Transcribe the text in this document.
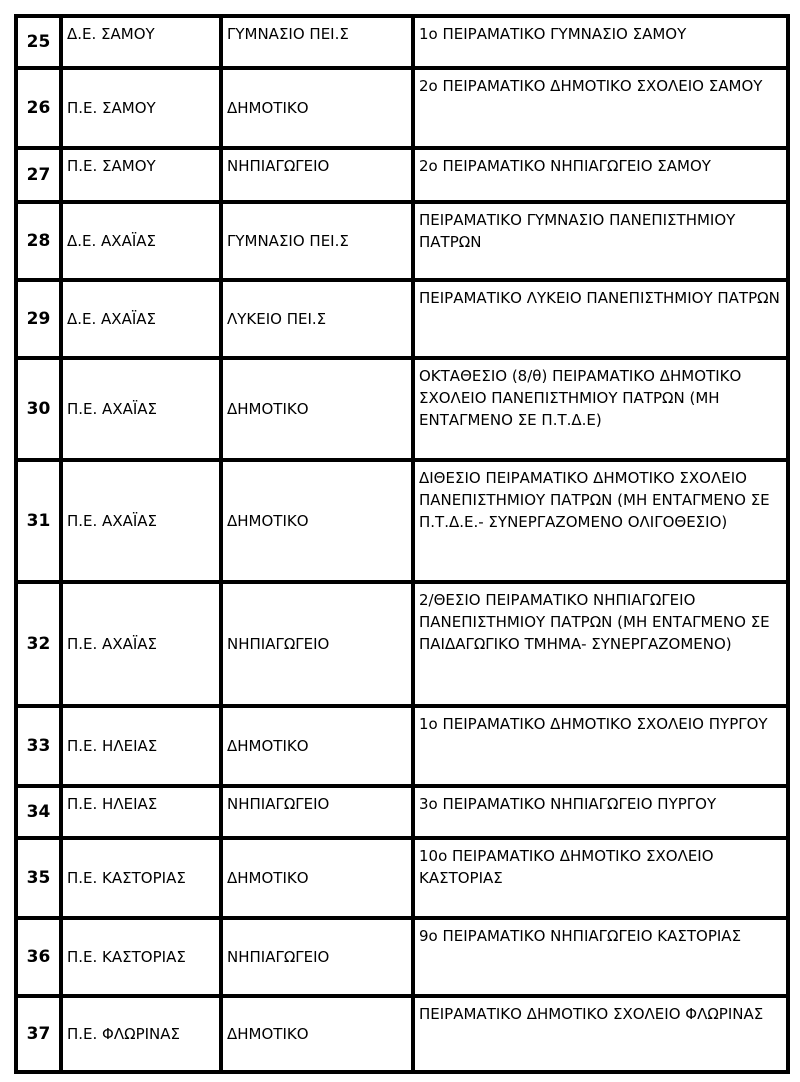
25	Δ.Ε. ΣΑΜΟΥ	ΓΥΜΝΑΣΙΟ ΠΕΙ.Σ	1ο ΠΕΙΡΑΜΑΤΙΚΟ ΓΥΜΝΑΣΙΟ ΣΑΜΟΥ
26	Π.Ε. ΣΑΜΟΥ	ΔΗΜΟΤΙΚΟ	2ο ΠΕΙΡΑΜΑΤΙΚΟ ΔΗΜΟΤΙΚΟ ΣΧΟΛΕΙΟ ΣΑΜΟΥ
27	Π.Ε. ΣΑΜΟΥ	ΝΗΠΙΑΓΩΓΕΙΟ	2ο ΠΕΙΡΑΜΑΤΙΚΟ ΝΗΠΙΑΓΩΓΕΙΟ ΣΑΜΟΥ
28	Δ.Ε. ΑΧΑΪΑΣ	ΓΥΜΝΑΣΙΟ ΠΕΙ.Σ	ΠΕΙΡΑΜΑΤΙΚΟ ΓΥΜΝΑΣΙΟ ΠΑΝΕΠΙΣΤΗΜΙΟΥ ΠΑΤΡΩΝ
29	Δ.Ε. ΑΧΑΪΑΣ	ΛΥΚΕΙΟ ΠΕΙ.Σ	ΠΕΙΡΑΜΑΤΙΚΟ ΛΥΚΕΙΟ ΠΑΝΕΠΙΣΤΗΜΙΟΥ ΠΑΤΡΩΝ
30	Π.Ε. ΑΧΑΪΑΣ	ΔΗΜΟΤΙΚΟ	ΟΚΤΑΘΕΣΙΟ (8/θ) ΠΕΙΡΑΜΑΤΙΚΟ ΔΗΜΟΤΙΚΟ ΣΧΟΛΕΙΟ ΠΑΝΕΠΙΣΤΗΜΙΟΥ ΠΑΤΡΩΝ (ΜΗ ΕΝΤΑΓΜΕΝΟ ΣΕ Π.Τ.Δ.Ε)
31	Π.Ε. ΑΧΑΪΑΣ	ΔΗΜΟΤΙΚΟ	ΔΙΘΕΣΙΟ ΠΕΙΡΑΜΑΤΙΚΟ ΔΗΜΟΤΙΚΟ ΣΧΟΛΕΙΟ ΠΑΝΕΠΙΣΤΗΜΙΟΥ ΠΑΤΡΩΝ (ΜΗ ΕΝΤΑΓΜΕΝΟ ΣΕ Π.Τ.Δ.Ε.- ΣΥΝΕΡΓΑΖΟΜΕΝΟ ΟΛΙΓΟΘΕΣΙΟ)
32	Π.Ε. ΑΧΑΪΑΣ	ΝΗΠΙΑΓΩΓΕΙΟ	2/ΘΕΣΙΟ ΠΕΙΡΑΜΑΤΙΚΟ ΝΗΠΙΑΓΩΓΕΙΟ ΠΑΝΕΠΙΣΤΗΜΙΟΥ ΠΑΤΡΩΝ (ΜΗ ΕΝΤΑΓΜΕΝΟ ΣΕ ΠΑΙΔΑΓΩΓΙΚΟ ΤΜΗΜΑ- ΣΥΝΕΡΓΑΖΟΜΕΝΟ)
33	Π.Ε. ΗΛΕΙΑΣ	ΔΗΜΟΤΙΚΟ	1ο ΠΕΙΡΑΜΑΤΙΚΟ ΔΗΜΟΤΙΚΟ ΣΧΟΛΕΙΟ ΠΥΡΓΟΥ
34	Π.Ε. ΗΛΕΙΑΣ	ΝΗΠΙΑΓΩΓΕΙΟ	3ο ΠΕΙΡΑΜΑΤΙΚΟ ΝΗΠΙΑΓΩΓΕΙΟ ΠΥΡΓΟΥ
35	Π.Ε. ΚΑΣΤΟΡΙΑΣ	ΔΗΜΟΤΙΚΟ	10ο ΠΕΙΡΑΜΑΤΙΚΟ ΔΗΜΟΤΙΚΟ ΣΧΟΛΕΙΟ ΚΑΣΤΟΡΙΑΣ
36	Π.Ε. ΚΑΣΤΟΡΙΑΣ	ΝΗΠΙΑΓΩΓΕΙΟ	9ο ΠΕΙΡΑΜΑΤΙΚΟ ΝΗΠΙΑΓΩΓΕΙΟ ΚΑΣΤΟΡΙΑΣ
37	Π.Ε. ΦΛΩΡΙΝΑΣ	ΔΗΜΟΤΙΚΟ	ΠΕΙΡΑΜΑΤΙΚΟ ΔΗΜΟΤΙΚΟ ΣΧΟΛΕΙΟ ΦΛΩΡΙΝΑΣ
